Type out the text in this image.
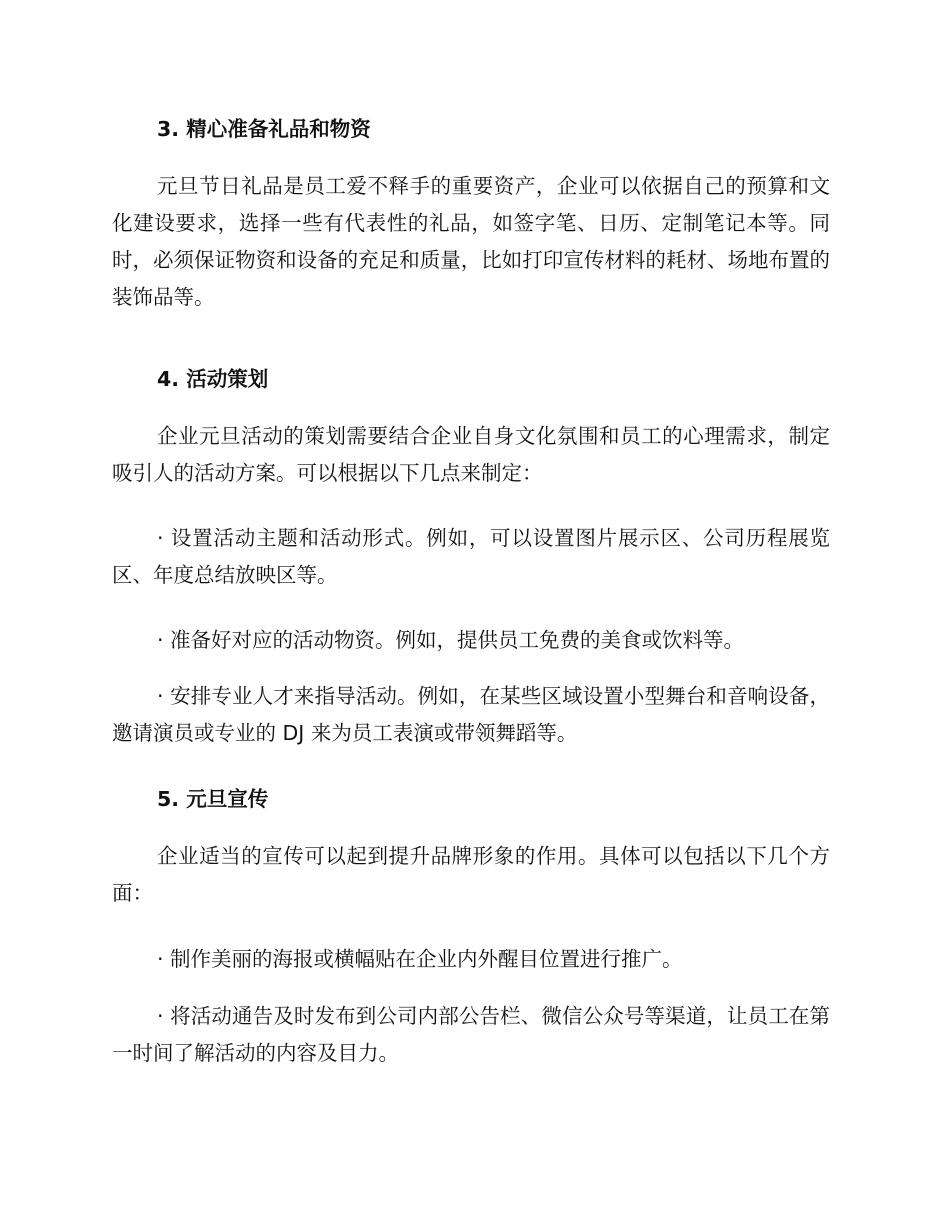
3. 精心准备礼品和物资

元旦节日礼品是员工爱不释手的重要资产，企业可以依据自己的预算和文化建设要求，选择一些有代表性的礼品，如签字笔、日历、定制笔记本等。同时，必须保证物资和设备的充足和质量，比如打印宣传材料的耗材、场地布置的装饰品等。

4. 活动策划

企业元旦活动的策划需要结合企业自身文化氛围和员工的心理需求，制定吸引人的活动方案。可以根据以下几点来制定：

· 设置活动主题和活动形式。例如，可以设置图片展示区、公司历程展览区、年度总结放映区等。

· 准备好对应的活动物资。例如，提供员工免费的美食或饮料等。

· 安排专业人才来指导活动。例如，在某些区域设置小型舞台和音响设备，邀请演员或专业的 DJ 来为员工表演或带领舞蹈等。

5. 元旦宣传

企业适当的宣传可以起到提升品牌形象的作用。具体可以包括以下几个方面：

· 制作美丽的海报或横幅贴在企业内外醒目位置进行推广。

· 将活动通告及时发布到公司内部公告栏、微信公众号等渠道，让员工在第一时间了解活动的内容及目力。
